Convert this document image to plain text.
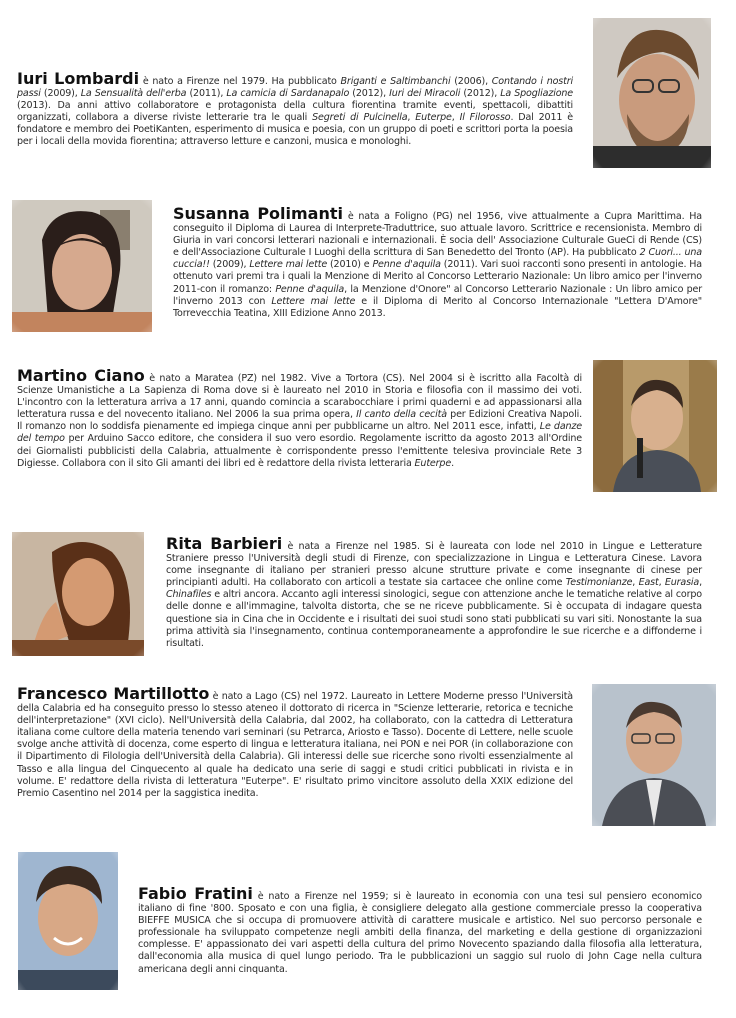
Iuri Lombardi è nato a Firenze nel 1979. Ha pubblicato Briganti e Saltimbanchi (2006), Contando i nostri passi (2009), La Sensualità dell'erba (2011), La camicia di Sardanapalo (2012), Iuri dei Miracoli (2012), La Spogliazione (2013). Da anni attivo collaboratore e protagonista della cultura fiorentina tramite eventi, spettacoli, dibattiti organizzati, collabora a diverse riviste letterarie tra le quali Segreti di Pulcinella, Euterpe, Il Filorosso. Dal 2011 è fondatore e membro dei PoetiKanten, esperimento di musica e poesia, con un gruppo di poeti e scrittori porta la poesia per i locali della movida fiorentina; attraverso letture e canzoni, musica e monologhi.

Susanna Polimanti è nata a Foligno (PG) nel 1956, vive attualmente a Cupra Marittima. Ha conseguito il Diploma di Laurea di Interprete-Traduttrice, suo attuale lavoro. Scrittrice e recensionista. Membro di Giuria in vari concorsi letterari nazionali e internazionali. È socia dell' Associazione Culturale GueCi di Rende (CS) e dell'Associazione Culturale I Luoghi della scrittura di San Benedetto del Tronto (AP). Ha pubblicato 2 Cuori... una cuccia!! (2009), Lettere mai lette (2010) e Penne d'aquila (2011). Vari suoi racconti sono presenti in antologie. Ha ottenuto vari premi tra i quali la Menzione di Merito al Concorso Letterario Nazionale: Un libro amico per l'inverno 2011-con il romanzo: Penne d'aquila, la Menzione d'Onore" al Concorso Letterario Nazionale : Un libro amico per l'inverno 2013 con Lettere mai lette e il Diploma di Merito al Concorso Internazionale "Lettera D'Amore" Torrevecchia Teatina, XIII Edizione Anno 2013.

Martino Ciano è nato a Maratea (PZ) nel 1982. Vive a Tortora (CS). Nel 2004 si è iscritto alla Facoltà di Scienze Umanistiche a La Sapienza di Roma dove si è laureato nel 2010 in Storia e filosofia con il massimo dei voti. L'incontro con la letteratura arriva a 17 anni, quando comincia a scarabocchiare i primi quaderni e ad appassionarsi alla letteratura russa e del novecento italiano. Nel 2006 la sua prima opera, Il canto della cecità per Edizioni Creativa Napoli. Il romanzo non lo soddisfa pienamente ed impiega cinque anni per pubblicarne un altro. Nel 2011 esce, infatti, Le danze del tempo per Arduino Sacco editore, che considera il suo vero esordio. Regolamente iscritto da agosto 2013 all'Ordine dei Giornalisti pubblicisti della Calabria, attualmente è corrispondente presso l'emittente telesiva provinciale Rete 3 Digiesse. Collabora con il sito Gli amanti dei libri ed è redattore della rivista letteraria Euterpe.

Rita Barbieri è nata a Firenze nel 1985. Si è laureata con lode nel 2010 in Lingue e Letterature Straniere presso l'Università degli studi di Firenze, con specializzazione in Lingua e Letteratura Cinese. Lavora come insegnante di italiano per stranieri presso alcune strutture private e come insegnante di cinese per principianti adulti. Ha collaborato con articoli a testate sia cartacee che online come Testimonianze, East, Eurasia, Chinafiles e altri ancora. Accanto agli interessi sinologici, segue con attenzione anche le tematiche relative al corpo delle donne e all'immagine, talvolta distorta, che se ne riceve pubblicamente. Si è occupata di indagare questa questione sia in Cina che in Occidente e i risultati dei suoi studi sono stati pubblicati su vari siti. Nonostante la sua prima attività sia l'insegnamento, continua contemporaneamente a approfondire le sue ricerche e a diffonderne i risultati.

Francesco Martillotto è nato a Lago (CS) nel 1972. Laureato in Lettere Moderne presso l'Università della Calabria ed ha conseguito presso lo stesso ateneo il dottorato di ricerca in "Scienze letterarie, retorica e tecniche dell'interpretazione" (XVI ciclo). Nell'Università della Calabria, dal 2002, ha collaborato, con la cattedra di Letteratura italiana come cultore della materia tenendo vari seminari (su Petrarca, Ariosto e Tasso). Docente di Lettere, nelle scuole svolge anche attività di docenza, come esperto di lingua e letteratura italiana, nei PON e nei POR (in collaborazione con il Dipartimento di Filologia dell'Università della Calabria). Gli interessi delle sue ricerche sono rivolti essenzialmente al Tasso e alla lingua del Cinquecento al quale ha dedicato una serie di saggi e studi critici pubblicati in rivista e in volume. E' redattore della rivista di letteratura "Euterpe". E' risultato primo vincitore assoluto della XXIX edizione del Premio Casentino nel 2014 per la saggistica inedita.

Fabio Fratini è nato a Firenze nel 1959; si è laureato in economia con una tesi sul pensiero economico italiano di fine '800. Sposato e con una figlia, è consigliere delegato alla gestione commerciale presso la cooperativa BIEFFE MUSICA che si occupa di promuovere attività di carattere musicale e artistico. Nel suo percorso personale e professionale ha sviluppato competenze negli ambiti della finanza, del marketing e della gestione di organizzazioni complesse. E' appassionato dei vari aspetti della cultura del primo Novecento spaziando dalla filosofia alla letteratura, dall'economia alla musica di quel lungo periodo. Tra le pubblicazioni un saggio sul ruolo di John Cage nella cultura americana degli anni cinquanta.
